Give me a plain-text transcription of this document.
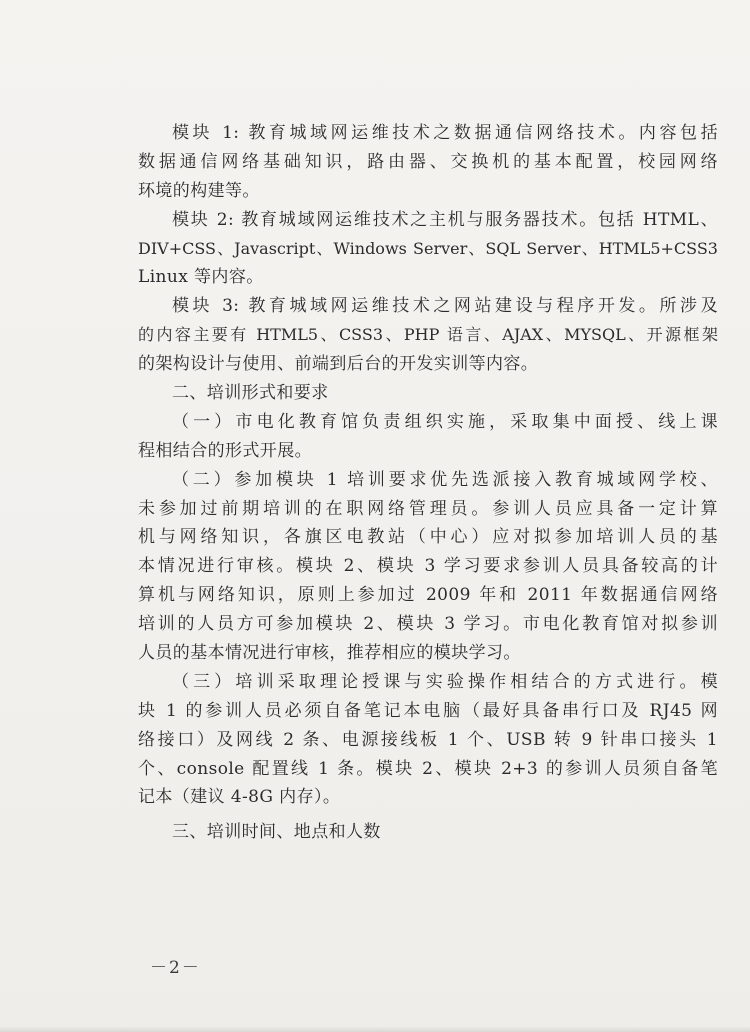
模块 1: 教育城域网运维技术之数据通信网络技术。内容包括
数据通信网络基础知识，路由器、交换机的基本配置，校园网络
环境的构建等。
模块 2: 教育城域网运维技术之主机与服务器技术。包括 HTML、
DIV+CSS、Javascript、Windows Server、SQL Server、HTML5+CSS3
Linux 等内容。
模块 3: 教育城域网运维技术之网站建设与程序开发。所涉及
的内容主要有 HTML5、CSS3、PHP 语言、AJAX、MYSQL、开源框架
的架构设计与使用、前端到后台的开发实训等内容。
二、培训形式和要求
（一）市电化教育馆负责组织实施，采取集中面授、线上课
程相结合的形式开展。
（二）参加模块 1 培训要求优先选派接入教育城域网学校、
未参加过前期培训的在职网络管理员。参训人员应具备一定计算
机与网络知识，各旗区电教站（中心）应对拟参加培训人员的基
本情况进行审核。模块 2、模块 3 学习要求参训人员具备较高的计
算机与网络知识，原则上参加过 2009 年和 2011 年数据通信网络
培训的人员方可参加模块 2、模块 3 学习。市电化教育馆对拟参训
人员的基本情况进行审核，推荐相应的模块学习。
（三）培训采取理论授课与实验操作相结合的方式进行。模
块 1 的参训人员必须自备笔记本电脑（最好具备串行口及 RJ45 网
络接口）及网线 2 条、电源接线板 1 个、USB 转 9 针串口接头 1
个、console 配置线 1 条。模块 2、模块 2+3 的参训人员须自备笔
记本（建议 4-8G 内存）。
三、培训时间、地点和人数
－2－
